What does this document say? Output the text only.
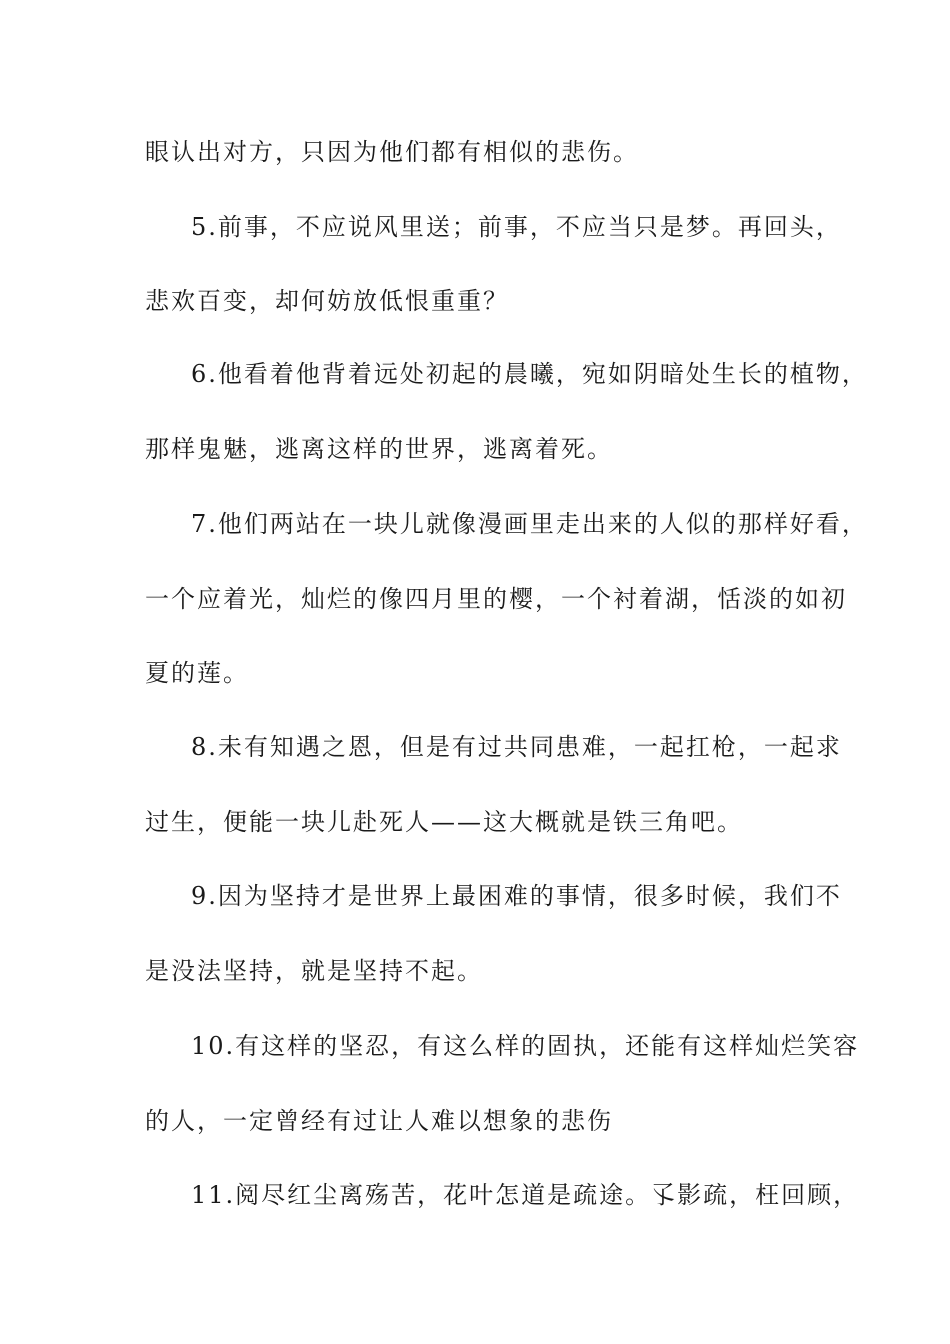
眼认出对方，只因为他们都有相似的悲伤。
5.前事，不应说风里送；前事，不应当只是梦。再回头，
悲欢百变，却何妨放低恨重重？
6.他看着他背着远处初起的晨曦，宛如阴暗处生长的植物，
那样鬼魅，逃离这样的世界，逃离着死。
7.他们两站在一块儿就像漫画里走出来的人似的那样好看，
一个应着光，灿烂的像四月里的樱，一个衬着湖，恬淡的如初
夏的莲。
8.未有知遇之恩，但是有过共同患难，一起扛枪，一起求
过生，便能一块儿赴死人——这大概就是铁三角吧。
9.因为坚持才是世界上最困难的事情，很多时候，我们不
是没法坚持，就是坚持不起。
10.有这样的坚忍，有这么样的固执，还能有这样灿烂笑容
的人，一定曾经有过让人难以想象的悲伤
11.阅尽红尘离殇苦，花叶怎道是疏途。孓影疏，枉回顾，
